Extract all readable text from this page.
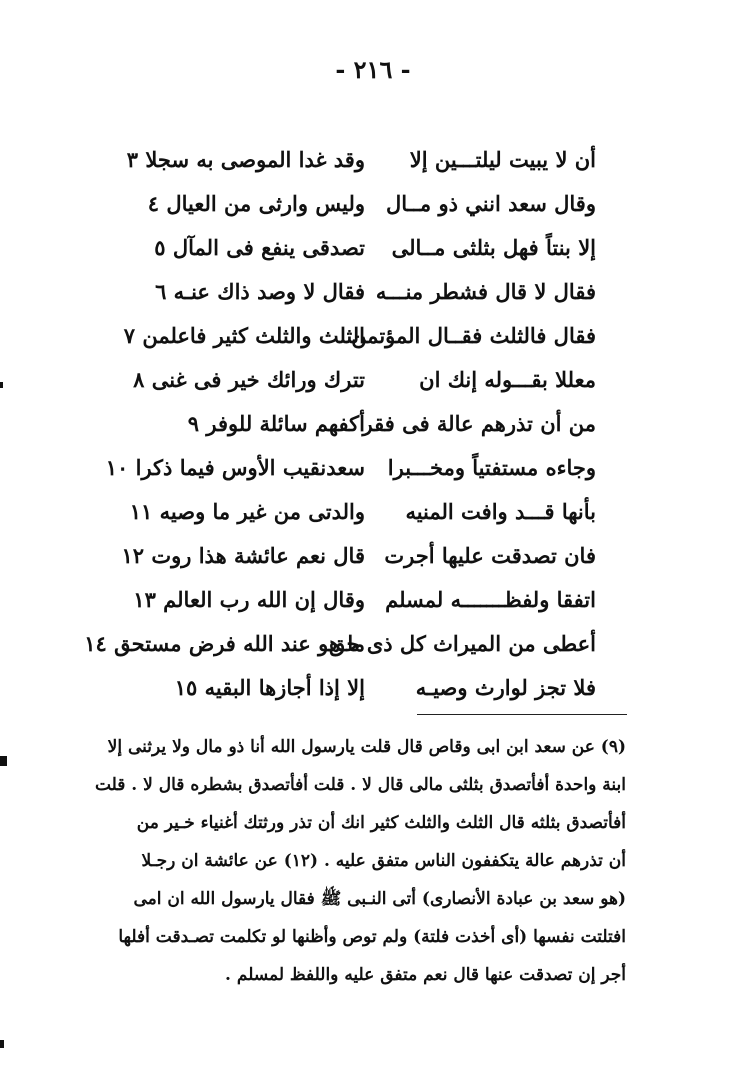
- ٢١٦ -
أن لا يبيت ليلتـــين إلا
وقد غدا الموصى به سجلا ٣
وقال سعد انني ذو مــال
وليس وارثى من العيال ٤
إلا بنتاً فهل بثلثى مــالى
تصدقى ينفع فى المآل ٥
فقال لا قال فشطر منـــه
فقال لا وصد ذاك عنـه ٦
فقال فالثلث فقــال المؤتمن
الثلث والثلث كثير فاعلمن ٧
معللا بقـــوله إنك ان
تترك ورائك خير فى غنى ٨
من أن تذرهم عالة فى فقر
أكفهم سائلة للوفر ٩
وجاءه مستفتياً ومخـــبرا
سعدنقيب الأوس فيما ذكرا ١٠
بأنها قـــد وافت المنيه
والدتى من غير ما وصيه ١١
فان تصدقت عليها أجرت
قال نعم عائشة هذا روت ١٢
اتفقا ولفظـــــــه لمسلم
وقال إن الله رب العالم ١٣
أعطى من الميراث كل ذى حق
ما هو عند الله فرض مستحق ١٤
فلا تجز لوارث وصيـه
إلا إذا أجازها البقيه ١٥
(٩) عن سعد ابن ابى وقاص قال قلت يارسول الله أنا ذو مال ولا يرثنى إلا
ابنة واحدة أفأتصدق بثلثى مالى قال لا . قلت أفأتصدق بشطره قال لا . قلت
أفأتصدق بثلثه قال الثلث والثلث كثير انك أن تذر ورثتك أغنياء خـير من
أن تذرهم عالة يتكففون الناس متفق عليه . (١٢) عن عائشة ان رجـلا
(هو سعد بن عبادة الأنصارى) أتى النـبى ﷺ فقال يارسول الله ان امى
افتلتت نفسها (أى أخذت فلتة) ولم توص وأظنها لو تكلمت تصـدقت أفلها
أجر إن تصدقت عنها قال نعم متفق عليه واللفظ لمسلم .
